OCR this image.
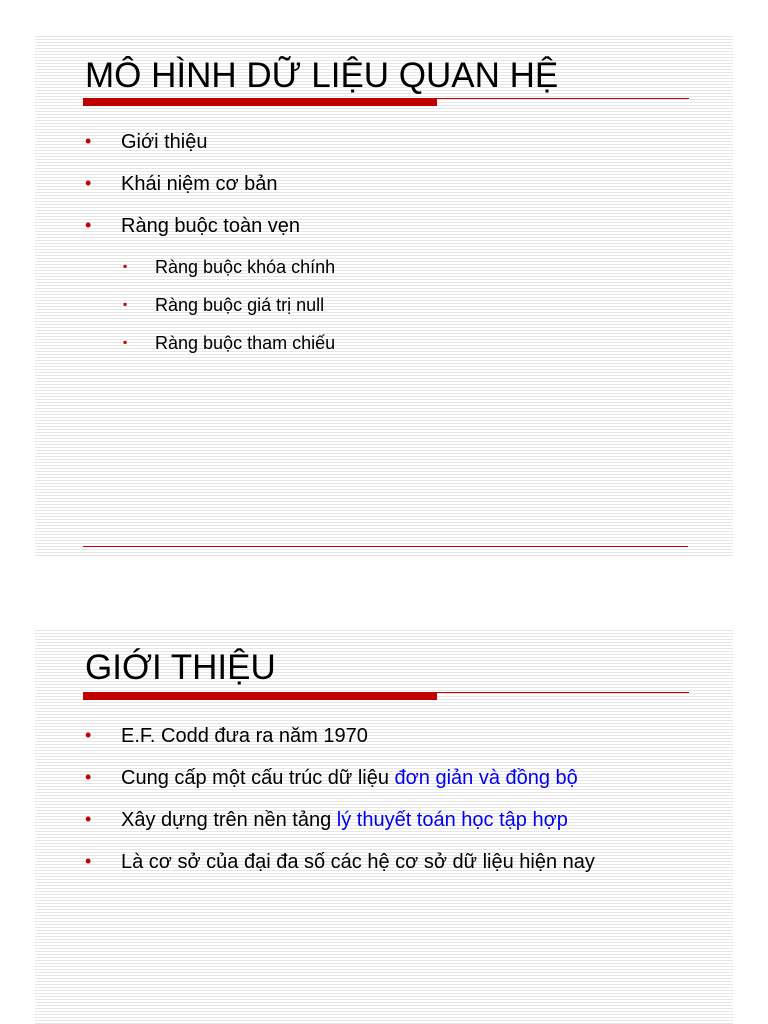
MÔ HÌNH DỮ LIỆU QUAN HỆ
• Giới thiệu
• Khái niệm cơ bản
• Ràng buộc toàn vẹn
▪ Ràng buộc khóa chính
▪ Ràng buộc giá trị null
▪ Ràng buộc tham chiếu
GIỚI THIỆU
• E.F. Codd đưa ra năm 1970
• Cung cấp một cấu trúc dữ liệu đơn giản và đồng bộ
• Xây dựng trên nền tảng lý thuyết toán học tập hợp
• Là cơ sở của đại đa số các hệ cơ sở dữ liệu hiện nay
